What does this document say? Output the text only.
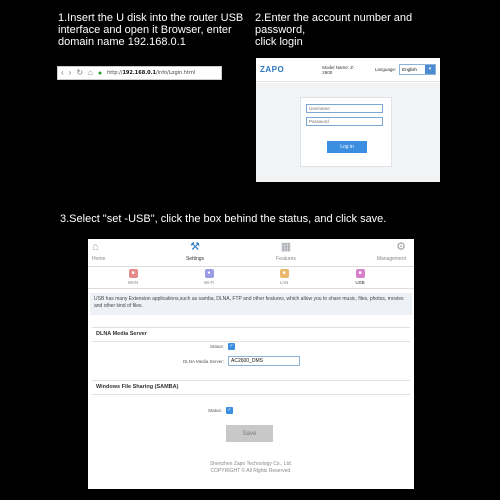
1.Insert the U disk into the router USB
interface and open it Browser, enter
domain name 192.168.0.1
2.Enter the account number and password,
click login
3.Select "set -USB", click the box behind the status, and click save.
‹ › ↻ ⌂ ● http://192.168.0.1/info/Login.html	ZAPO	Model Name: Z-2600	Language: English	▾
Username
Password
Log in
⌂
Home
⚒
Settings
▦
Features
⚙
Management
■
WAN
●
Wi-Fi
■
LAN
■
USB
USB has many Extension applications,such as samba, DLNA, FTP and other features, which allow you to share music, files, photos, movies and other kind of files.
DLNA Media Server
Status: ✓
DLNA Media Server:
AC2600_DMS
Windows File Sharing (SAMBA)
Status: ✓
Save
Shenzhen Zapo Technology Co., Ltd.
COPYRIGHT © All Rights Reserved.
